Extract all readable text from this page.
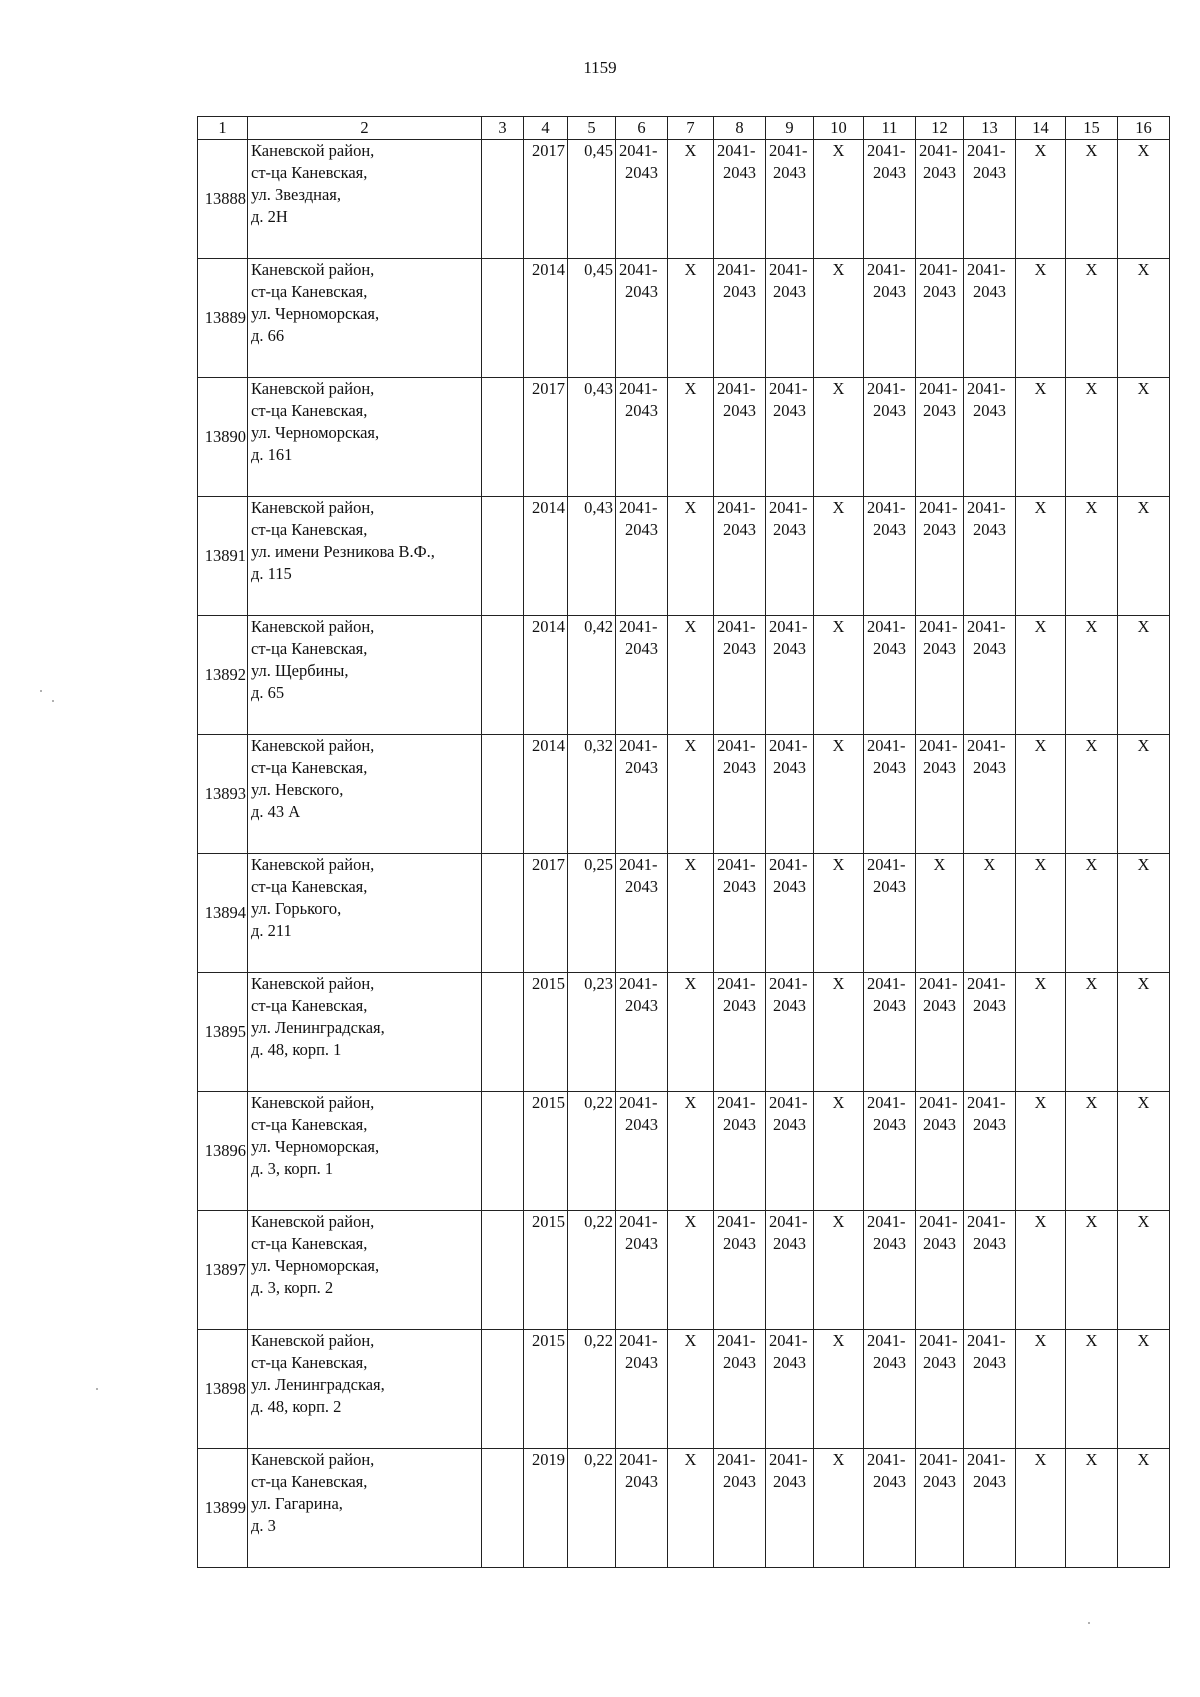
1159
1	2	3	4	5	6	7	8	9	10	11	12	13	14	15	16
13888	Каневской район,
ст-ца Каневская,
ул. Звездная,
д. 2Н		2017	0,45	2041-
2043	X	2041-
2043	2041-
2043	X	2041-
2043	2041-
2043	2041-
2043	X	X	X
13889	Каневской район,
ст-ца Каневская,
ул. Черноморская,
д. 66		2014	0,45	2041-
2043	X	2041-
2043	2041-
2043	X	2041-
2043	2041-
2043	2041-
2043	X	X	X
13890	Каневской район,
ст-ца Каневская,
ул. Черноморская,
д. 161		2017	0,43	2041-
2043	X	2041-
2043	2041-
2043	X	2041-
2043	2041-
2043	2041-
2043	X	X	X
13891	Каневской район,
ст-ца Каневская,
ул. имени Резникова В.Ф.,
д. 115		2014	0,43	2041-
2043	X	2041-
2043	2041-
2043	X	2041-
2043	2041-
2043	2041-
2043	X	X	X
13892	Каневской район,
ст-ца Каневская,
ул. Щербины,
д. 65		2014	0,42	2041-
2043	X	2041-
2043	2041-
2043	X	2041-
2043	2041-
2043	2041-
2043	X	X	X
13893	Каневской район,
ст-ца Каневская,
ул. Невского,
д. 43 А		2014	0,32	2041-
2043	X	2041-
2043	2041-
2043	X	2041-
2043	2041-
2043	2041-
2043	X	X	X
13894	Каневской район,
ст-ца Каневская,
ул. Горького,
д. 211		2017	0,25	2041-
2043	X	2041-
2043	2041-
2043	X	2041-
2043	X	X	X	X	X
13895	Каневской район,
ст-ца Каневская,
ул. Ленинградская,
д. 48, корп. 1		2015	0,23	2041-
2043	X	2041-
2043	2041-
2043	X	2041-
2043	2041-
2043	2041-
2043	X	X	X
13896	Каневской район,
ст-ца Каневская,
ул. Черноморская,
д. 3, корп. 1		2015	0,22	2041-
2043	X	2041-
2043	2041-
2043	X	2041-
2043	2041-
2043	2041-
2043	X	X	X
13897	Каневской район,
ст-ца Каневская,
ул. Черноморская,
д. 3, корп. 2		2015	0,22	2041-
2043	X	2041-
2043	2041-
2043	X	2041-
2043	2041-
2043	2041-
2043	X	X	X
13898	Каневской район,
ст-ца Каневская,
ул. Ленинградская,
д. 48, корп. 2		2015	0,22	2041-
2043	X	2041-
2043	2041-
2043	X	2041-
2043	2041-
2043	2041-
2043	X	X	X
13899	Каневской район,
ст-ца Каневская,
ул. Гагарина,
д. 3		2019	0,22	2041-
2043	X	2041-
2043	2041-
2043	X	2041-
2043	2041-
2043	2041-
2043	X	X	X
